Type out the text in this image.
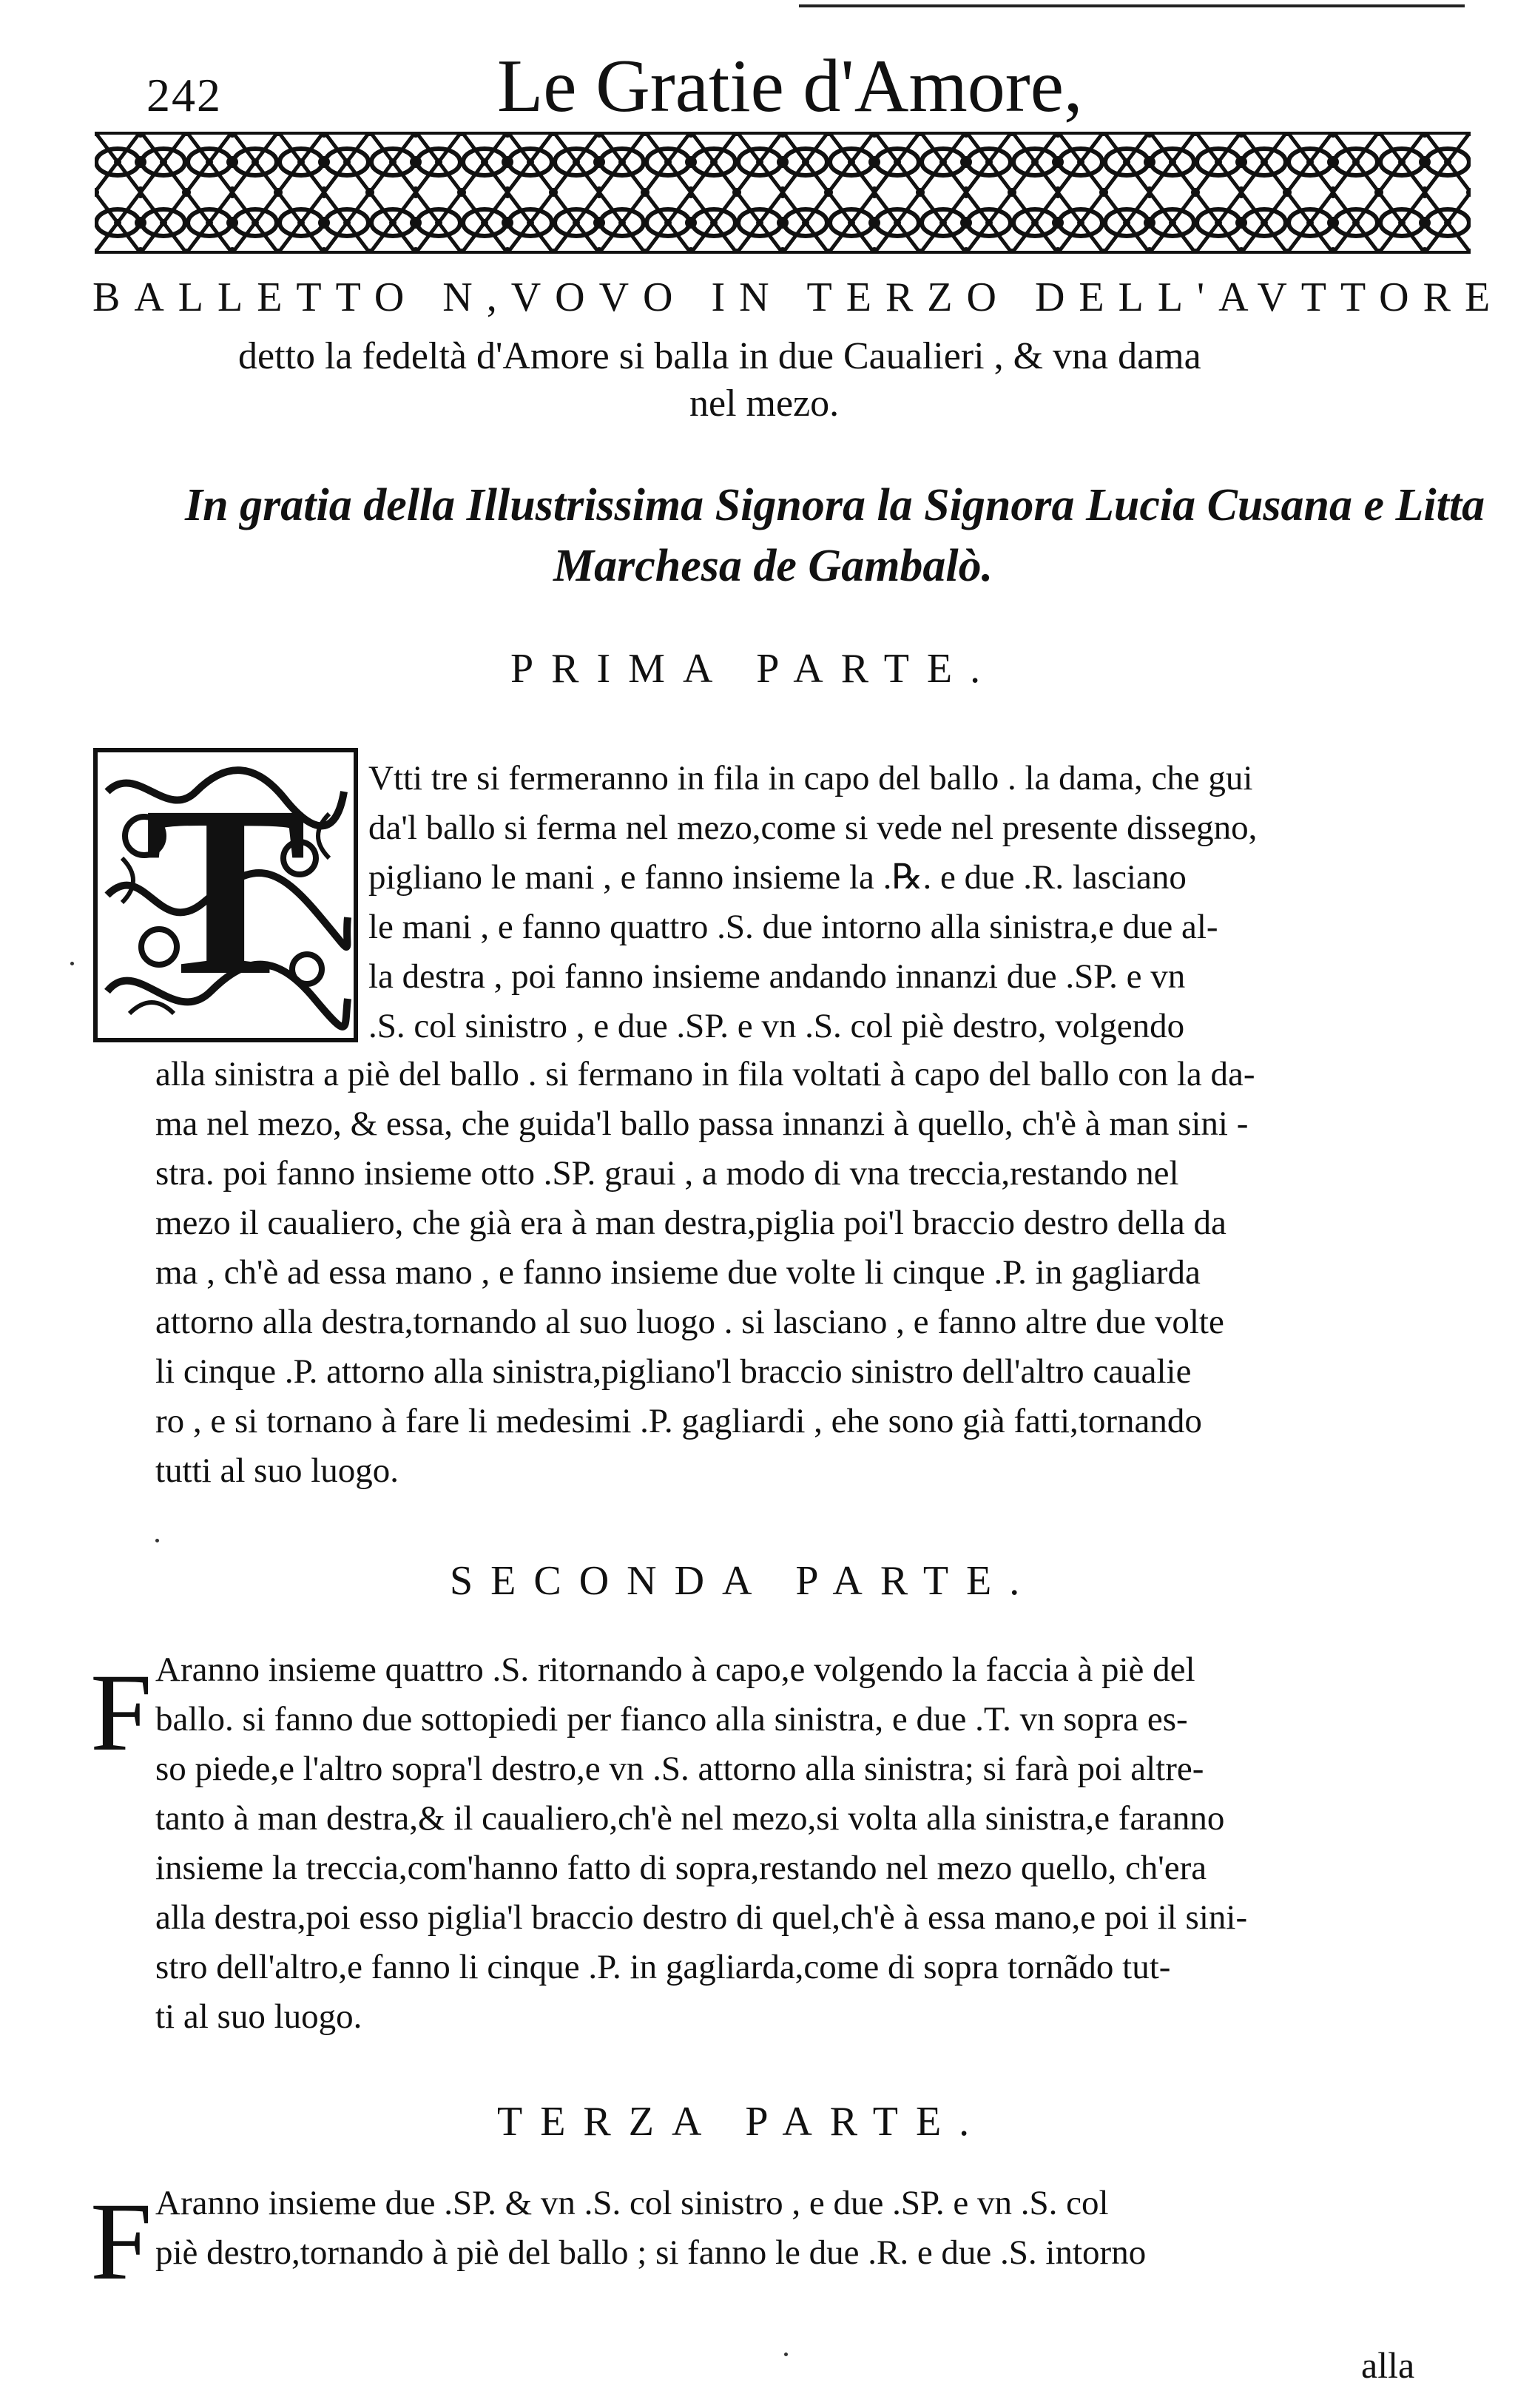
242	Le Gratie d'Amore,
BALLETTO N,VOVO IN TERZO DELL'AVTTORE
detto la fedeltà d'Amore si balla in due Caualieri , & vna dama
nel mezo.
In gratia della Illustrissima Signora la Signora Lucia Cusana e Litta
Marchesa de Gambalò.
PRIMA PARTE.
T	Vtti tre si fermeranno in fila in capo del ballo . la dama, che gui
da'l ballo si ferma nel mezo,come si vede nel presente dissegno,
pigliano le mani , e fanno insieme la .℞. e due .R. lasciano
le mani , e fanno quattro .S. due intorno alla sinistra,e due al-
la destra , poi fanno insieme andando innanzi due .SP. e vn
.S. col sinistro , e due .SP. e vn .S. col piè destro, volgendo
alla sinistra a piè del ballo . si fermano in fila voltati à capo del ballo con la da-
ma nel mezo, & essa, che guida'l ballo passa innanzi à quello, ch'è à man sini -
stra. poi fanno insieme otto .SP. graui , a modo di vna treccia,restando nel
mezo il caualiero, che già era à man destra,piglia poi'l braccio destro della da
ma , ch'è ad essa mano , e fanno insieme due volte li cinque .P. in gagliarda
attorno alla destra,tornando al suo luogo . si lasciano , e fanno altre due volte
li cinque .P. attorno alla sinistra,pigliano'l braccio sinistro dell'altro caualie
ro , e si tornano à fare li medesimi .P. gagliardi , ehe sono già fatti,tornando
tutti al suo luogo.
SECONDA PARTE.
F Aranno insieme quattro .S. ritornando à capo,e volgendo la faccia à piè del
ballo. si fanno due sottopiedi per fianco alla sinistra, e due .T. vn sopra es-
so piede,e l'altro sopra'l destro,e vn .S. attorno alla sinistra; si farà poi altre-
tanto à man destra,& il caualiero,ch'è nel mezo,si volta alla sinistra,e faranno
insieme la treccia,com'hanno fatto di sopra,restando nel mezo quello, ch'era
alla destra,poi esso piglia'l braccio destro di quel,ch'è à essa mano,e poi il sini-
stro dell'altro,e fanno li cinque .P. in gagliarda,come di sopra tornãdo tut-
ti al suo luogo.
TERZA PARTE.
F Aranno insieme due .SP. & vn .S. col sinistro , e due .SP. e vn .S. col
piè destro,tornando à piè del ballo ; si fanno le due .R. e due .S. intorno
alla
